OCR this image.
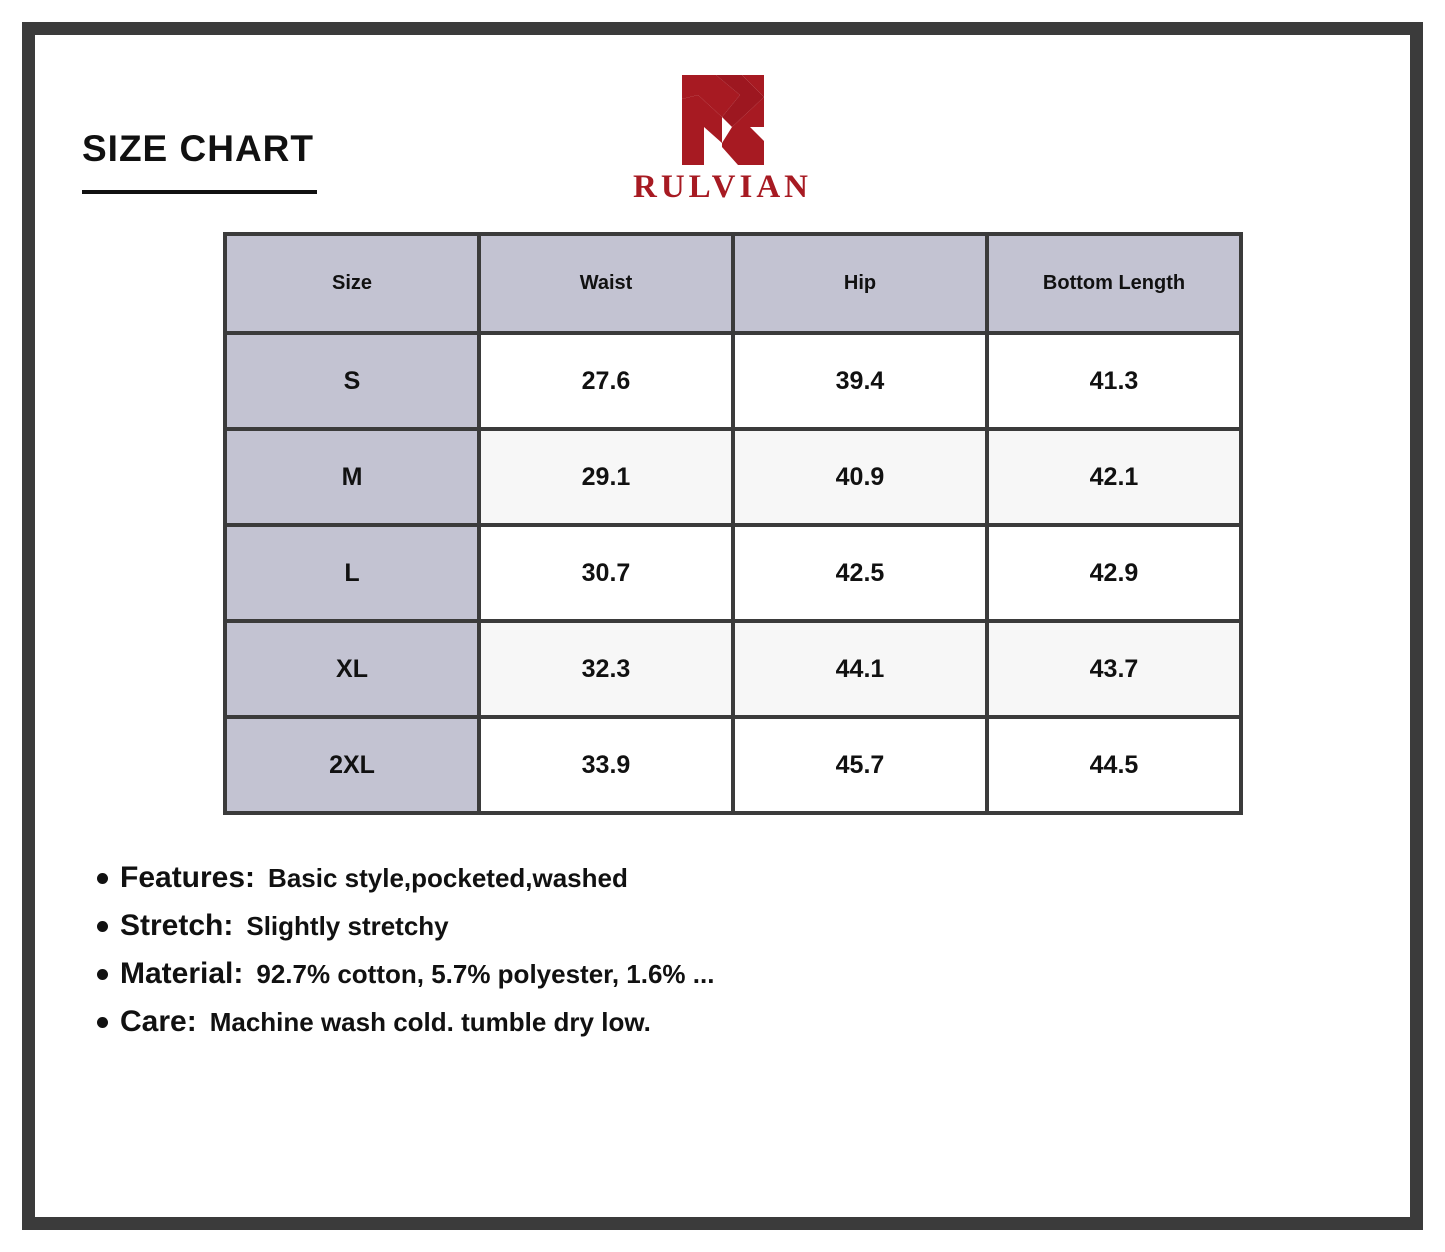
SIZE CHART
RULVIAN
Size	Waist	Hip	Bottom Length
S	27.6	39.4	41.3
M	29.1	40.9	42.1
L	30.7	42.5	42.9
XL	32.3	44.1	43.7
2XL	33.9	45.7	44.5
Features: Basic style,pocketed,washed
Stretch: Slightly stretchy
Material: 92.7% cotton, 5.7% polyester, 1.6% ...
Care: Machine wash cold. tumble dry low.
